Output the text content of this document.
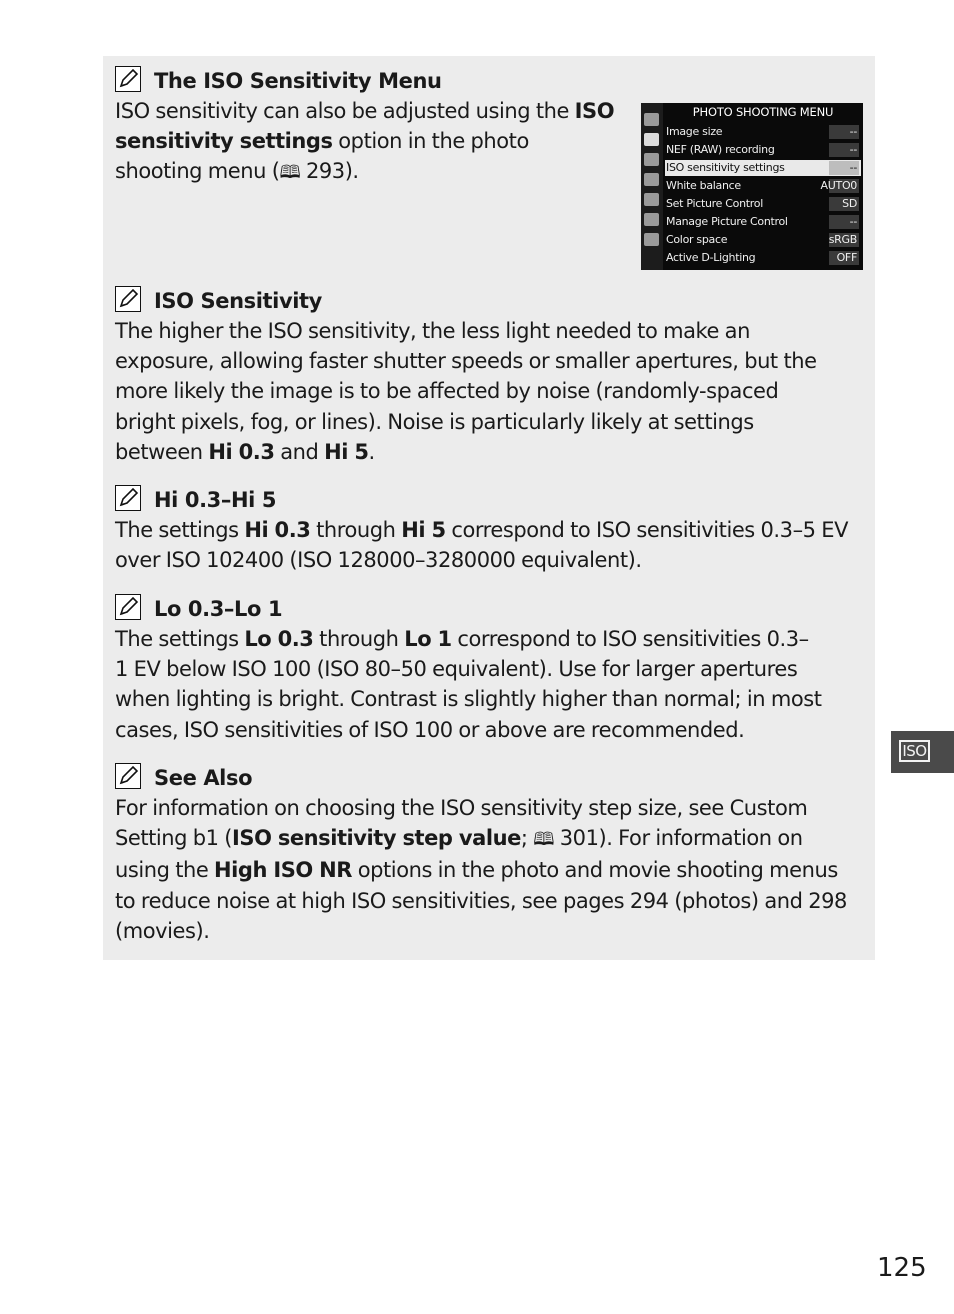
The ISO Sensitivity Menu
ISO sensitivity can also be adjusted using the ISO
sensitivity settings option in the photo
shooting menu (🕮 293).
PHOTO SHOOTING MENU
Image size	--
NEF (RAW) recording	--
ISO sensitivity settings	--
White balance	AUTO0
Set Picture Control	SD
Manage Picture Control	--
Color space	sRGB
Active D-Lighting	OFF
ISO Sensitivity
The higher the ISO sensitivity, the less light needed to make an
exposure, allowing faster shutter speeds or smaller apertures, but the
more likely the image is to be affected by noise (randomly-spaced
bright pixels, fog, or lines). Noise is particularly likely at settings
between Hi 0.3 and Hi 5.
Hi 0.3–Hi 5
The settings Hi 0.3 through Hi 5 correspond to ISO sensitivities 0.3–5 EV
over ISO 102400 (ISO 128000–3280000 equivalent).
Lo 0.3–Lo 1
The settings Lo 0.3 through Lo 1 correspond to ISO sensitivities 0.3–
1 EV below ISO 100 (ISO 80–50 equivalent). Use for larger apertures
when lighting is bright. Contrast is slightly higher than normal; in most
cases, ISO sensitivities of ISO 100 or above are recommended.
See Also
For information on choosing the ISO sensitivity step size, see Custom
Setting b1 (ISO sensitivity step value; 🕮 301). For information on
using the High ISO NR options in the photo and movie shooting menus
to reduce noise at high ISO sensitivities, see pages 294 (photos) and 298
(movies).
ISO
125
